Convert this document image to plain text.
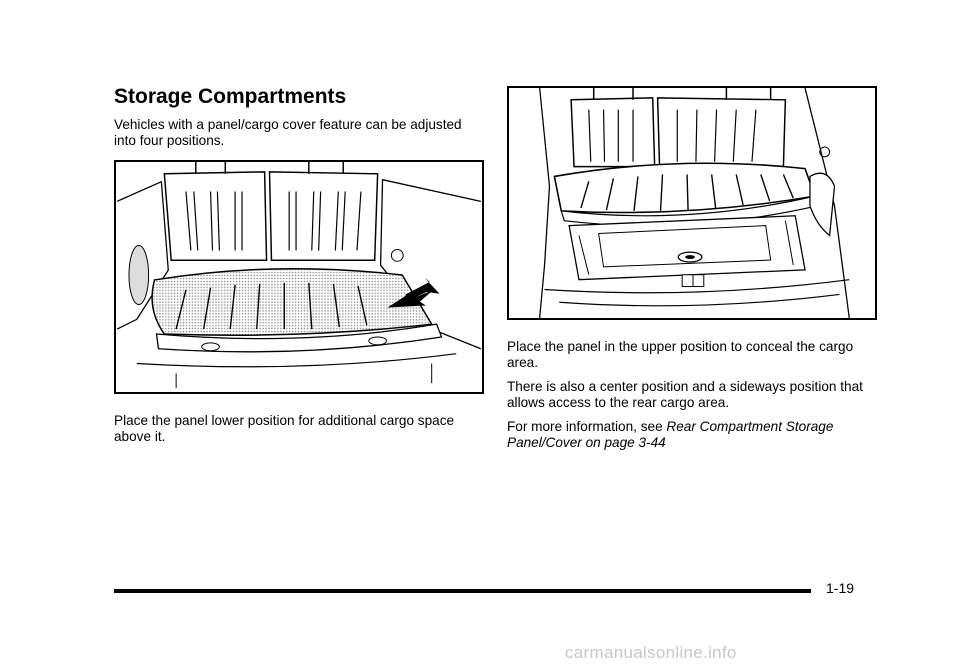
Storage Compartments

Vehicles with a panel/cargo cover feature can be adjusted into four positions.

Place the panel lower position for additional cargo space above it.

Place the panel in the upper position to conceal the cargo area.

There is also a center position and a sideways position that allows access to the rear cargo area.

For more information, see Rear Compartment Storage Panel/Cover on page 3-44

1-19
carmanualsonline.info
